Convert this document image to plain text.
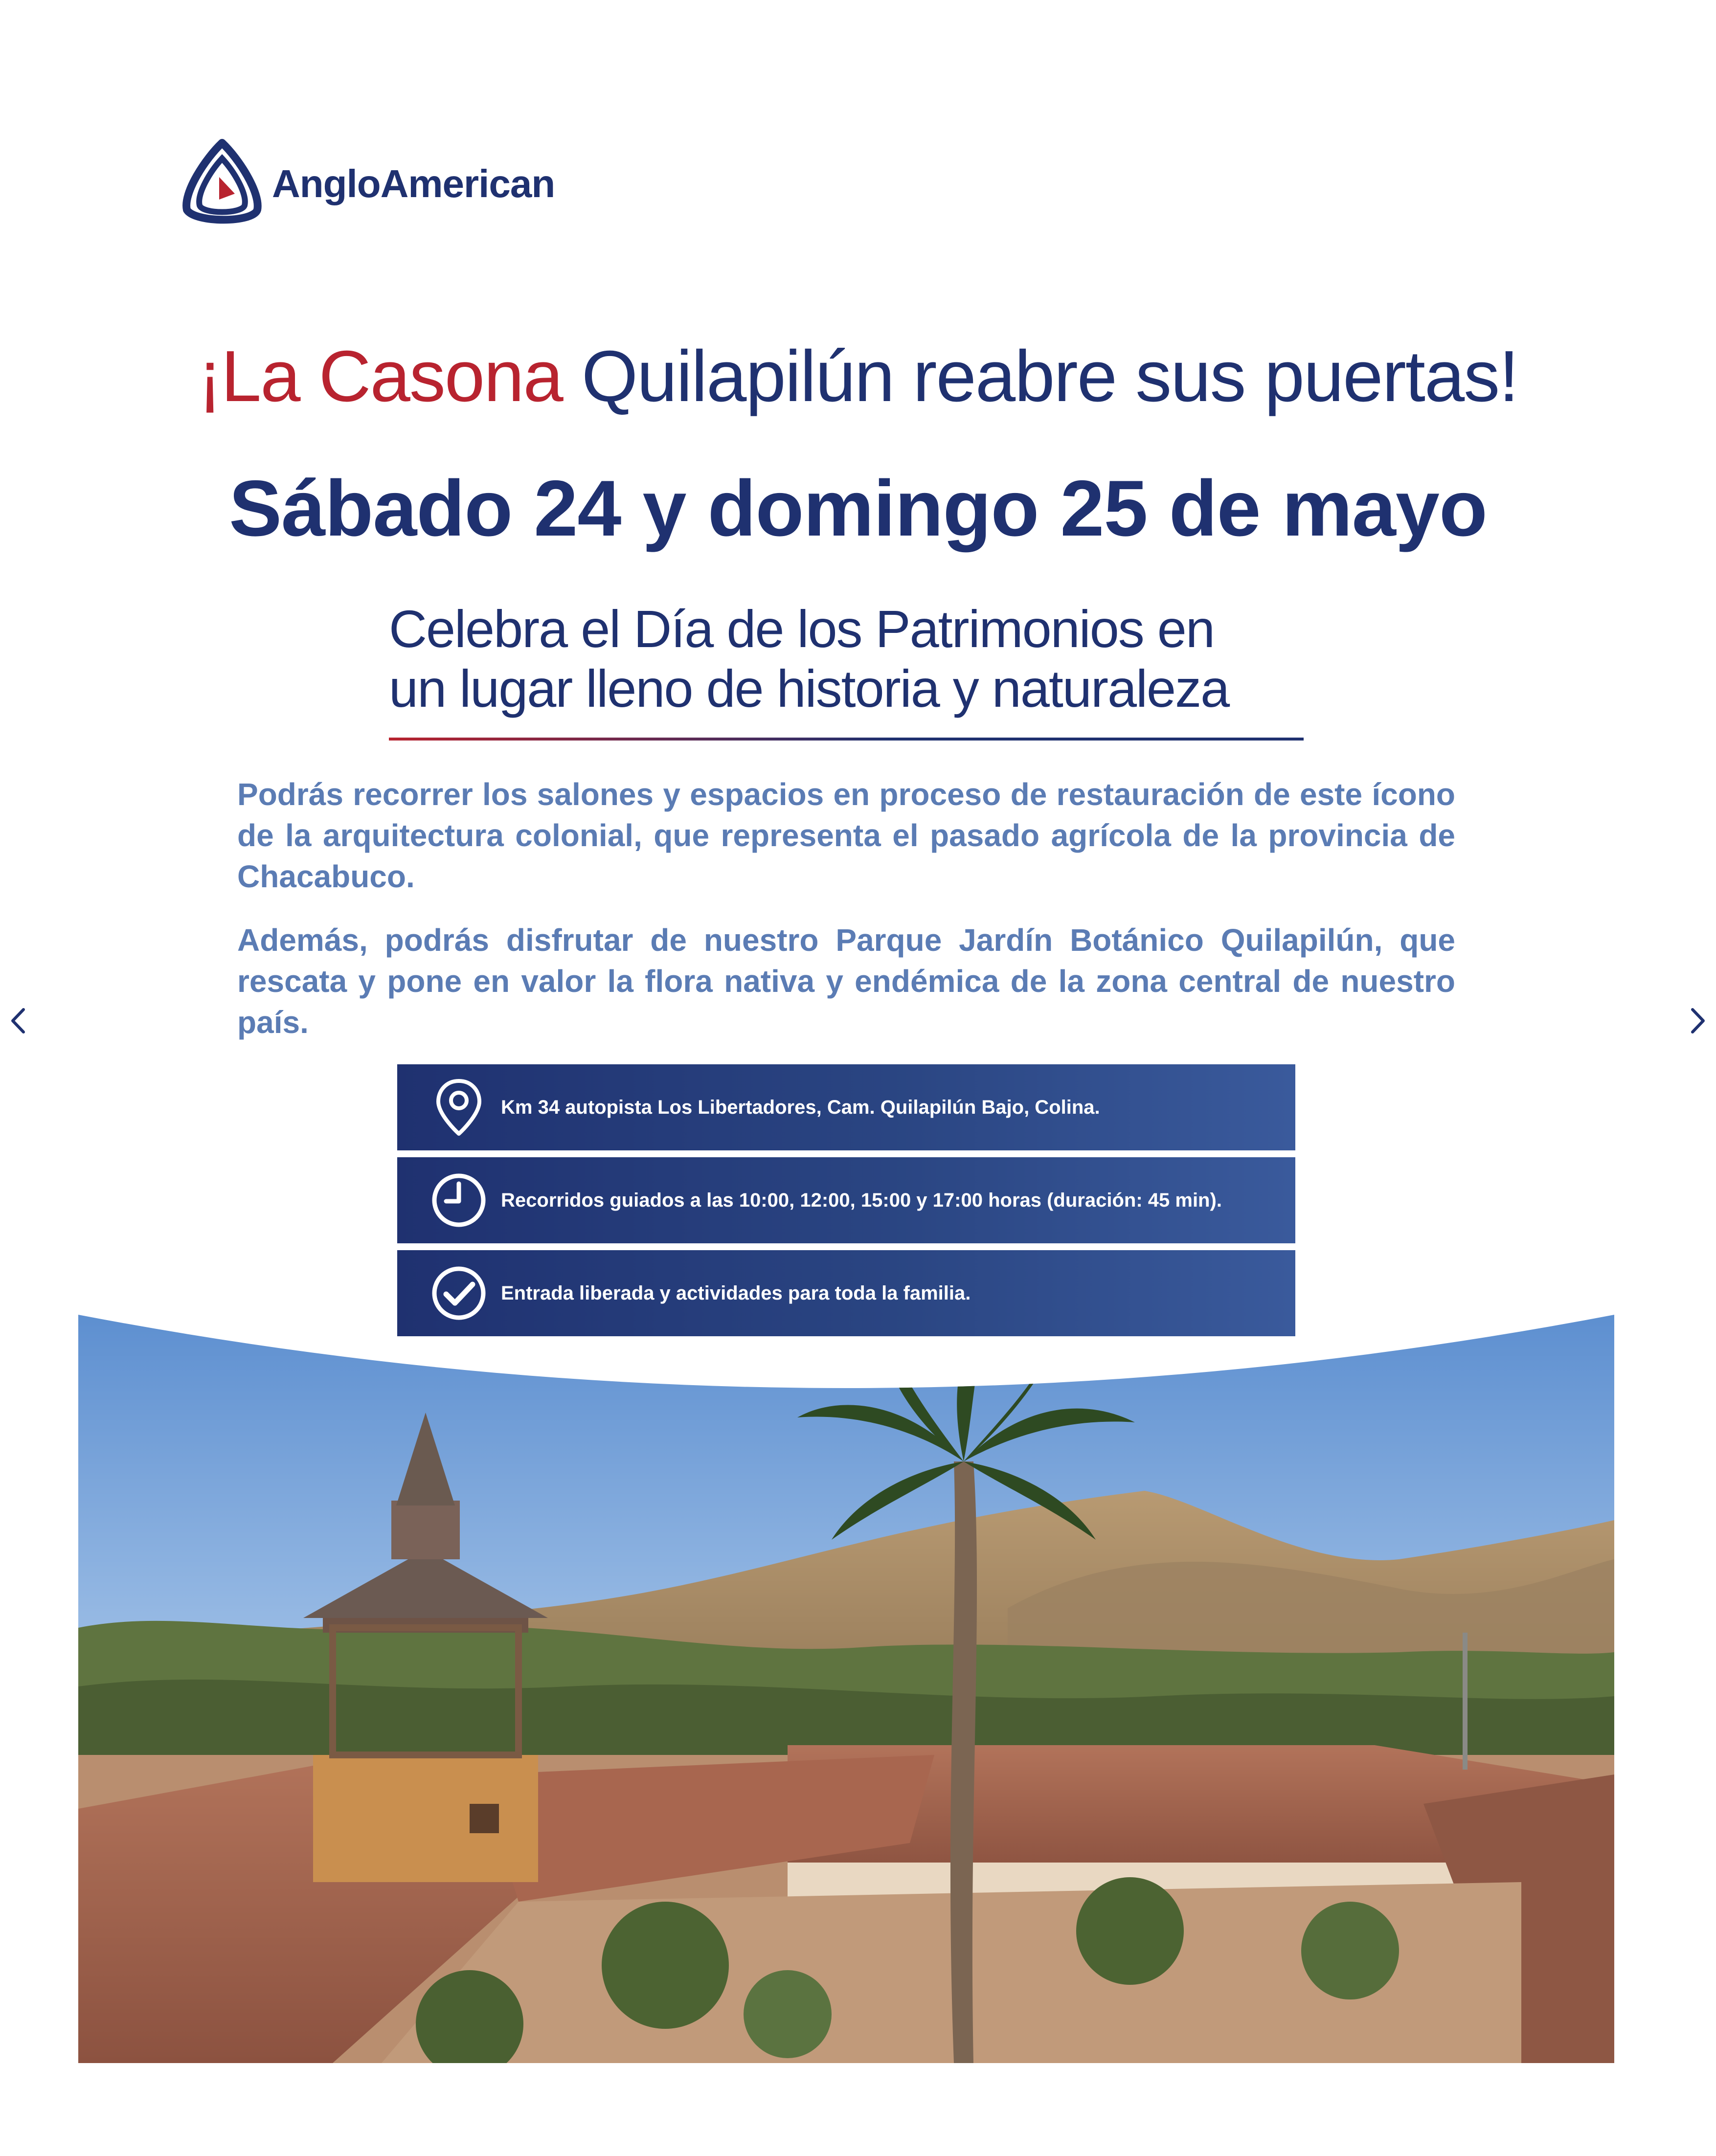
AngloAmerican
¡La Casona Quilapilún reabre sus puertas!
Sábado 24 y domingo 25 de mayo
Celebra el Día de los Patrimonios en
un lugar lleno de historia y naturaleza
Podrás recorrer los salones y espacios en proceso de restauración de este ícono de la arquitectura colonial, que representa el pasado agrícola de la provincia de Chacabuco.
Además, podrás disfrutar de nuestro Parque Jardín Botánico Quilapilún, que rescata y pone en valor la flora nativa y endémica de la zona central de nuestro país.
Km 34 autopista Los Libertadores, Cam. Quilapilún Bajo, Colina.
Recorridos guiados a las 10:00, 12:00, 15:00 y 17:00 horas (duración: 45 min).
Entrada liberada y actividades para toda la familia.
